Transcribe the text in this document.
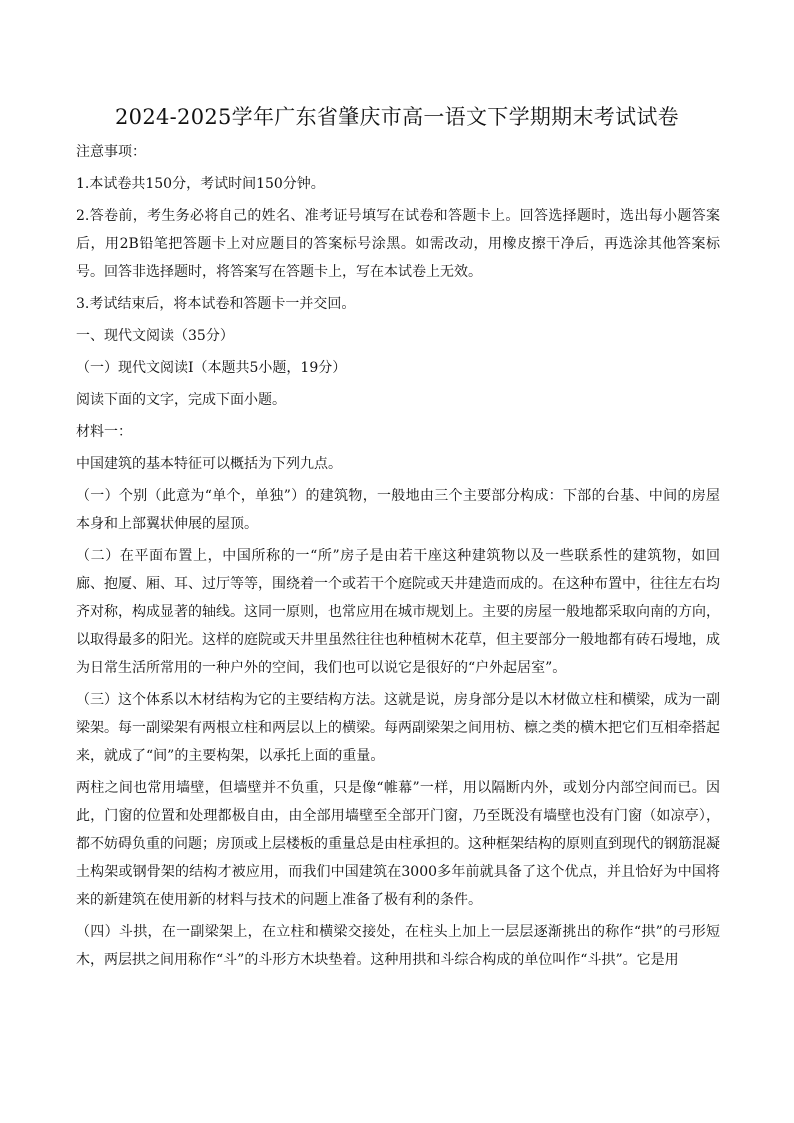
2024-2025学年广东省肇庆市高一语文下学期期末考试试卷

注意事项：

1.本试卷共150分，考试时间150分钟。

2.答卷前，考生务必将自己的姓名、准考证号填写在试卷和答题卡上。回答选择题时，选出每小题答案后，用2B铅笔把答题卡上对应题目的答案标号涂黑。如需改动，用橡皮擦干净后，再选涂其他答案标号。回答非选择题时，将答案写在答题卡上，写在本试卷上无效。

3.考试结束后，将本试卷和答题卡一并交回。

一、现代文阅读（35分）

（一）现代文阅读Ⅰ（本题共5小题，19分）

阅读下面的文字，完成下面小题。

材料一：

中国建筑的基本特征可以概括为下列九点。

（一）个别（此意为“单个，单独”）的建筑物，一般地由三个主要部分构成：下部的台基、中间的房屋本身和上部翼状伸展的屋顶。

（二）在平面布置上，中国所称的一“所”房子是由若干座这种建筑物以及一些联系性的建筑物，如回廊、抱厦、厢、耳、过厅等等，围绕着一个或若干个庭院或天井建造而成的。在这种布置中，往往左右均齐对称，构成显著的轴线。这同一原则，也常应用在城市规划上。主要的房屋一般地都采取向南的方向，以取得最多的阳光。这样的庭院或天井里虽然往往也种植树木花草，但主要部分一般地都有砖石墁地，成为日常生活所常用的一种户外的空间，我们也可以说它是很好的“户外起居室”。

（三）这个体系以木材结构为它的主要结构方法。这就是说，房身部分是以木材做立柱和横梁，成为一副梁架。每一副梁架有两根立柱和两层以上的横梁。每两副梁架之间用枋、檩之类的横木把它们互相牵搭起来，就成了“间”的主要构架，以承托上面的重量。

两柱之间也常用墙壁，但墙壁并不负重，只是像“帷幕”一样，用以隔断内外，或划分内部空间而已。因此，门窗的位置和处理都极自由，由全部用墙壁至全部开门窗，乃至既没有墙壁也没有门窗（如凉亭），都不妨碍负重的问题；房顶或上层楼板的重量总是由柱承担的。这种框架结构的原则直到现代的钢筋混凝土构架或钢骨架的结构才被应用，而我们中国建筑在3000多年前就具备了这个优点，并且恰好为中国将来的新建筑在使用新的材料与技术的问题上准备了极有利的条件。

（四）斗拱，在一副梁架上，在立柱和横梁交接处，在柱头上加上一层层逐渐挑出的称作“拱”的弓形短木，两层拱之间用称作“斗”的斗形方木块垫着。这种用拱和斗综合构成的单位叫作“斗拱”。它是用
